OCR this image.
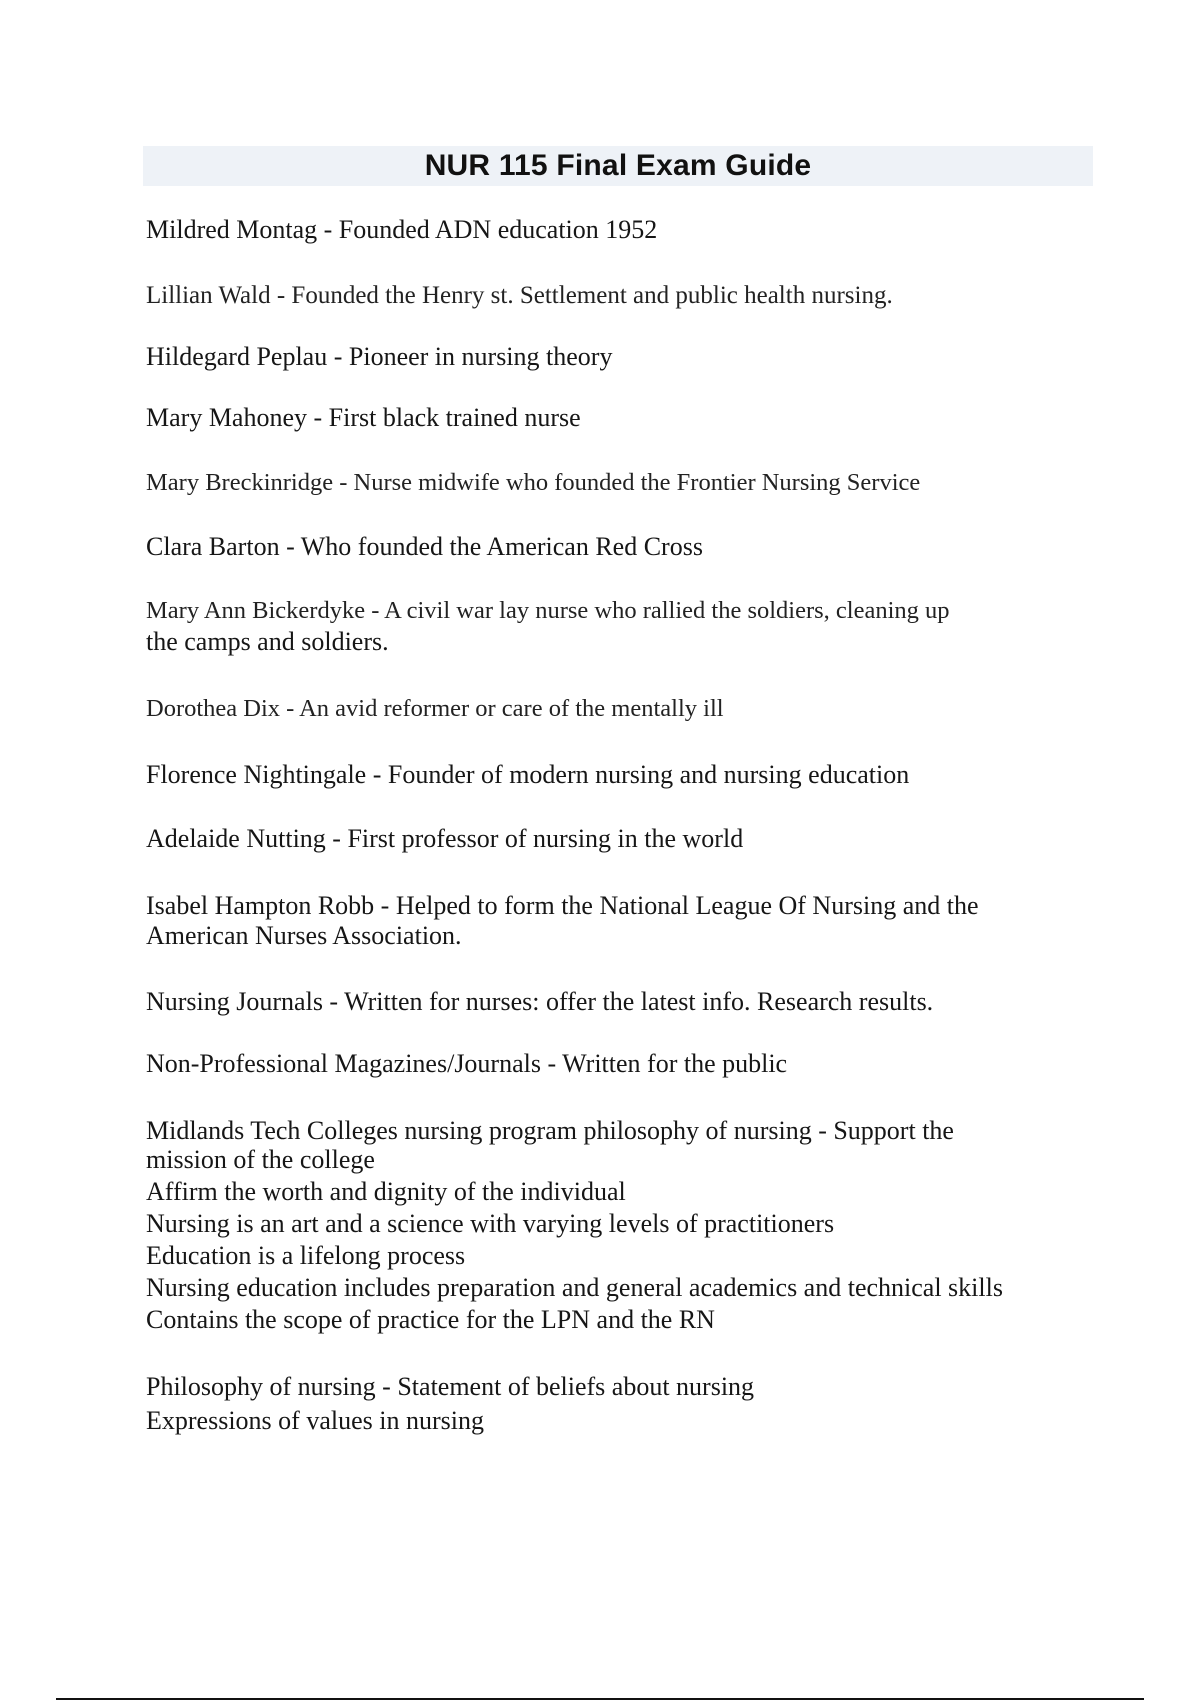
NUR 115 Final Exam Guide

Mildred Montag - Founded ADN education 1952

Lillian Wald - Founded the Henry st. Settlement and public health nursing.

Hildegard Peplau - Pioneer in nursing theory

Mary Mahoney - First black trained nurse

Mary Breckinridge - Nurse midwife who founded the Frontier Nursing Service

Clara Barton - Who founded the American Red Cross

Mary Ann Bickerdyke - A civil war lay nurse who rallied the soldiers, cleaning up
the camps and soldiers.

Dorothea Dix - An avid reformer or care of the mentally ill

Florence Nightingale - Founder of modern nursing and nursing education

Adelaide Nutting - First professor of nursing in the world

Isabel Hampton Robb - Helped to form the National League Of Nursing and the
American Nurses Association.

Nursing Journals - Written for nurses: offer the latest info. Research results.

Non-Professional Magazines/Journals - Written for the public

Midlands Tech Colleges nursing program philosophy of nursing - Support the
mission of the college
Affirm the worth and dignity of the individual
Nursing is an art and a science with varying levels of practitioners
Education is a lifelong process
Nursing education includes preparation and general academics and technical skills
Contains the scope of practice for the LPN and the RN

Philosophy of nursing - Statement of beliefs about nursing
Expressions of values in nursing
